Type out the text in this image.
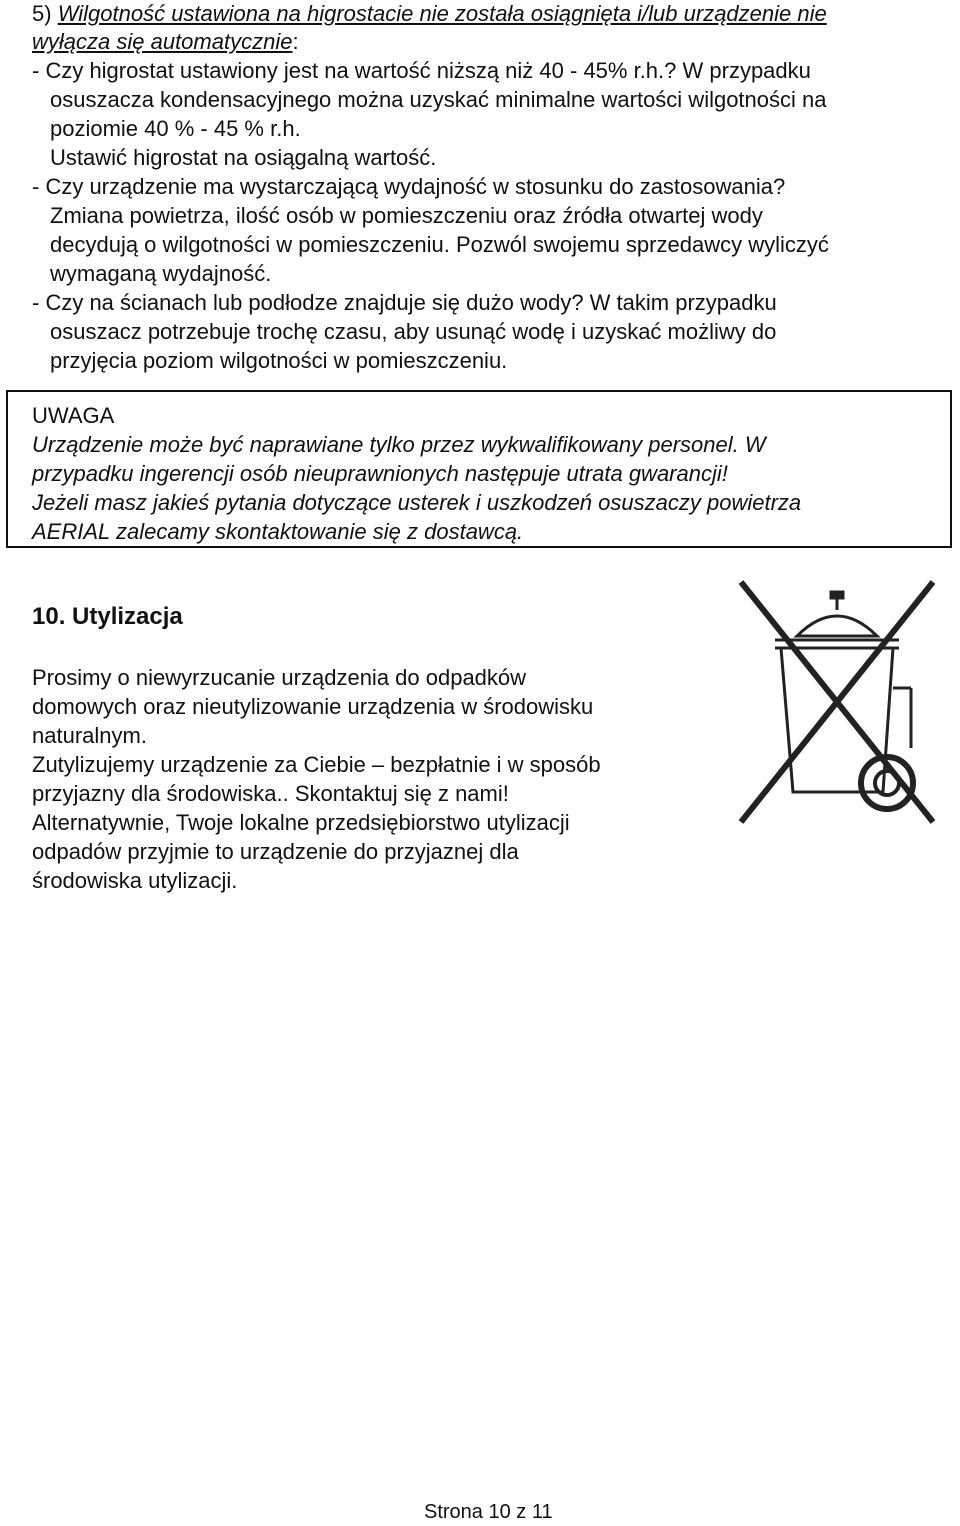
5) Wilgotność ustawiona na higrostacie nie została osiągnięta i/lub urządzenie nie
wyłącza się automatycznie:
- Czy higrostat ustawiony jest na wartość niższą niż 40 - 45% r.h.? W przypadku
osuszacza kondensacyjnego można uzyskać minimalne wartości wilgotności na
poziomie 40 % - 45 % r.h.
Ustawić higrostat na osiągalną wartość.
- Czy urządzenie ma wystarczającą wydajność w stosunku do zastosowania?
Zmiana powietrza, ilość osób w pomieszczeniu oraz źródła otwartej wody
decydują o wilgotności w pomieszczeniu. Pozwól swojemu sprzedawcy wyliczyć
wymaganą wydajność.
- Czy na ścianach lub podłodze znajduje się dużo wody? W takim przypadku
osuszacz potrzebuje trochę czasu, aby usunąć wodę i uzyskać możliwy do
przyjęcia poziom wilgotności w pomieszczeniu.
UWAGA
Urządzenie może być naprawiane tylko przez wykwalifikowany personel. W
przypadku ingerencji osób nieuprawnionych następuje utrata gwarancji!
Jeżeli masz jakieś pytania dotyczące usterek i uszkodzeń osuszaczy powietrza
AERIAL zalecamy skontaktowanie się z dostawcą.
10. Utylizacja
Prosimy o niewyrzucanie urządzenia do odpadków
domowych oraz nieutylizowanie urządzenia w środowisku
naturalnym.
Zutylizujemy urządzenie za Ciebie – bezpłatnie i w sposób
przyjazny dla środowiska.. Skontaktuj się z nami!
Alternatywnie, Twoje lokalne przedsiębiorstwo utylizacji
odpadów przyjmie to urządzenie do przyjaznej dla
środowiska utylizacji.
Strona 10 z 11
